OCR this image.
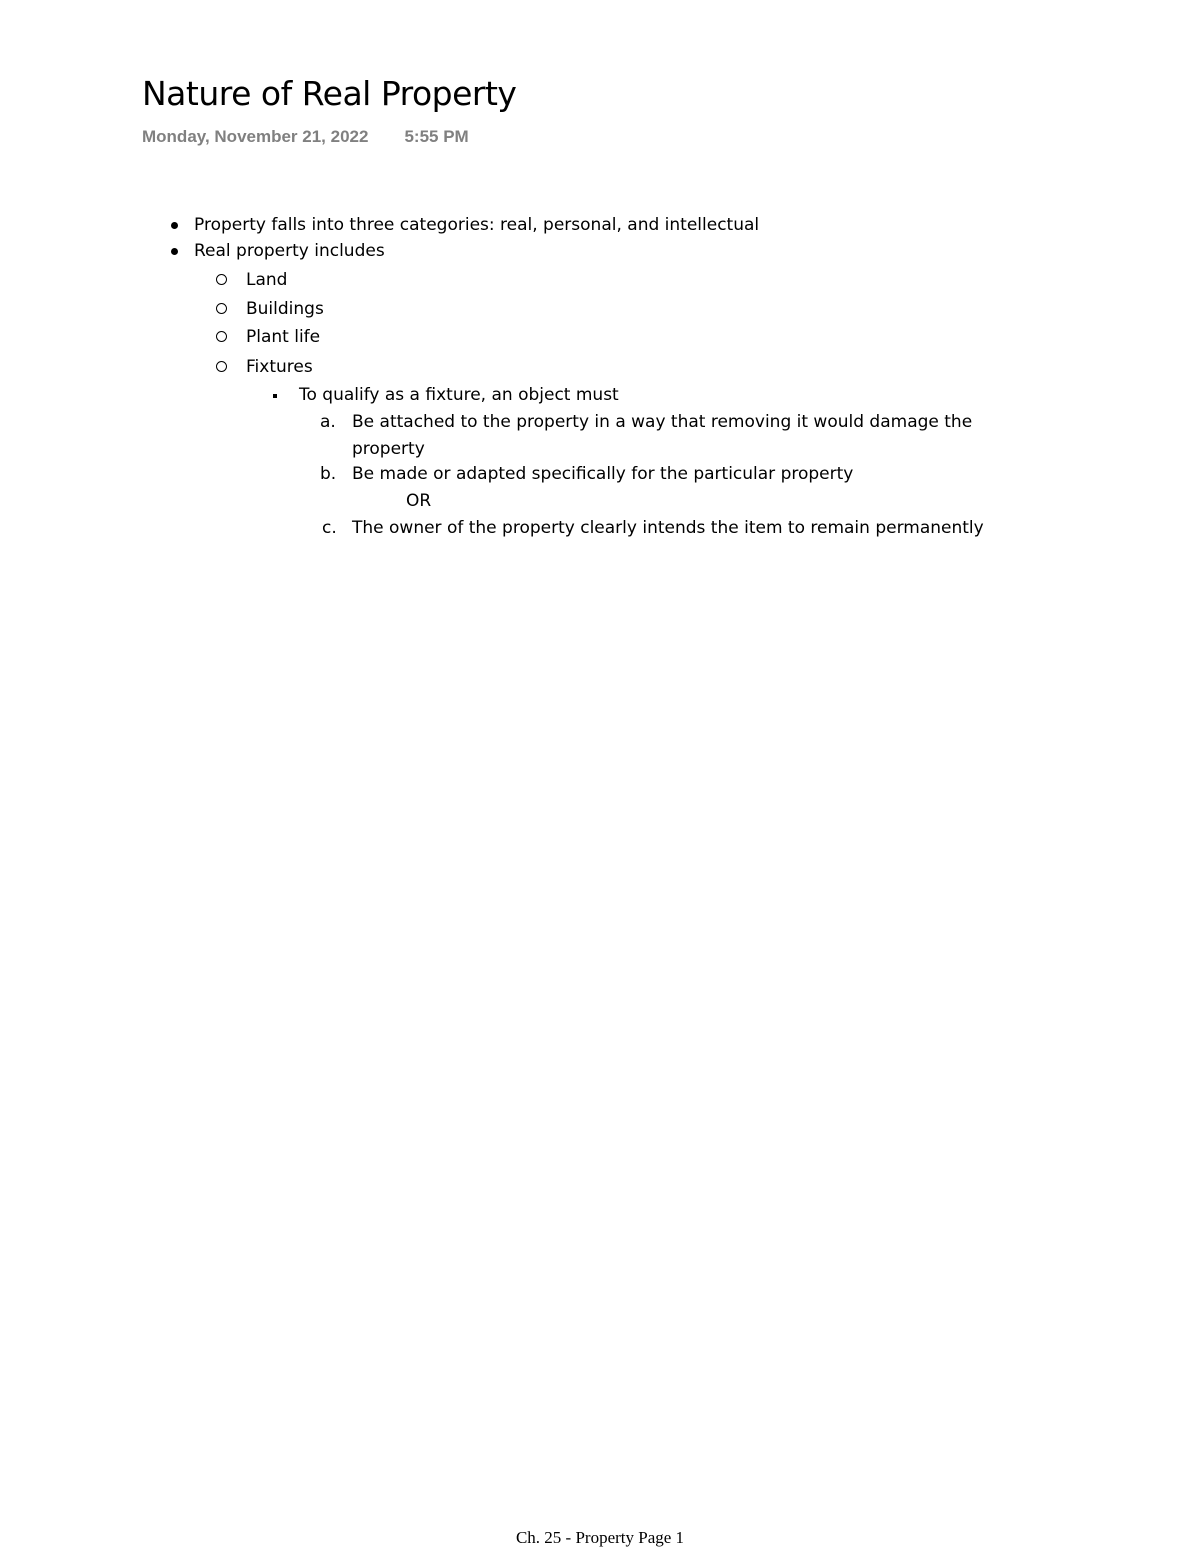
Nature of Real Property
Monday, November 21, 2022 5:55 PM
Property falls into three categories: real, personal, and intellectual
Real property includes
Land
Buildings
Plant life
Fixtures
To qualify as a fixture, an object must
a. Be attached to the property in a way that removing it would damage the
property
b. Be made or adapted specifically for the particular property
OR
c. The owner of the property clearly intends the item to remain permanently
Ch. 25 - Property Page 1
